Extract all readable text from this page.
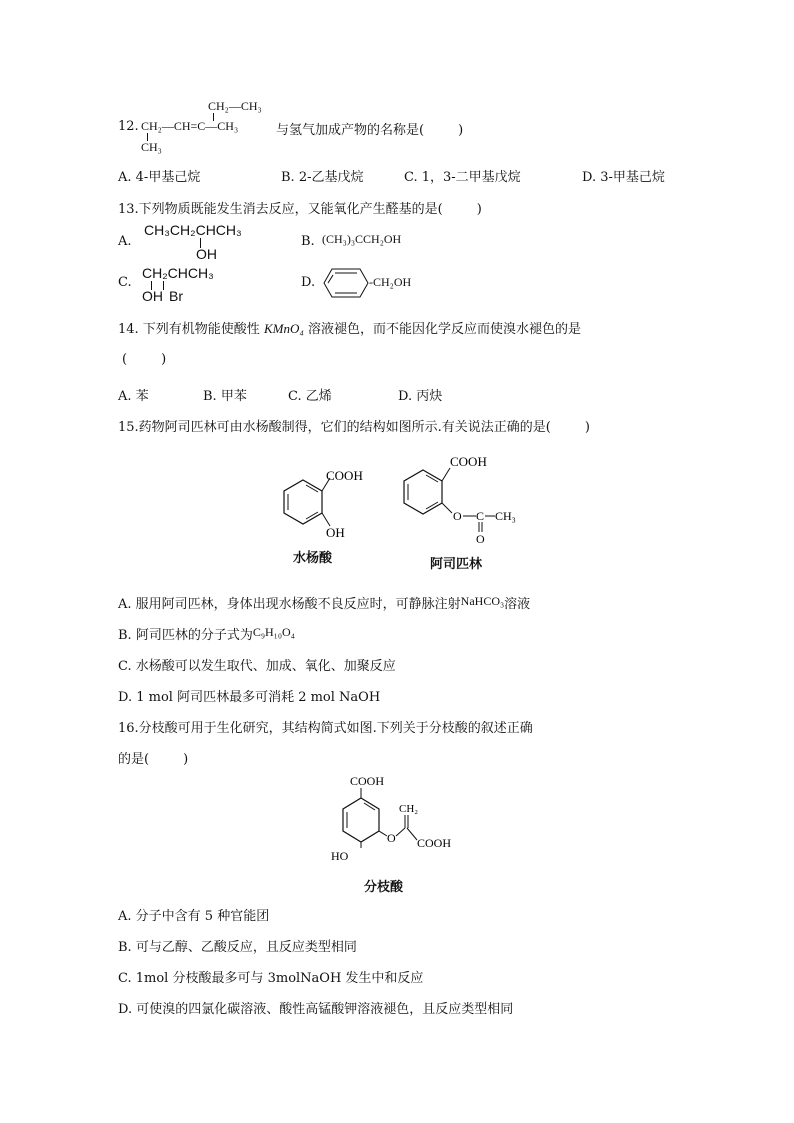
12.
CH₂—CH₃
CH₂—CH=C—CH₃
CH₃
与氢气加成产物的名称是(	)
A. 4-甲基己烷	B. 2-乙基戊烷	C. 1，3-二甲基戊烷	D. 3-甲基己烷
13.下列物质既能发生消去反应，又能氧化产生醛基的是(	)
A.
CH₃CH₂CHCH₃
OH
B. (CH₃)₃CCH₂OH
C.
CH₂CHCH₃
OH Br
D.	-CH₂OH
14. 下列有机物能使酸性 KMnO₄ 溶液褪色，而不能因化学反应而使溴水褪色的是
(	)
A. 苯	B. 甲苯	C. 乙烯	D. 丙炔
15.药物阿司匹林可由水杨酸制得，它们的结构如图所示.有关说法正确的是(	)
COOH
OH
水杨酸
COOH
O C CH₃
O
阿司匹林
A. 服用阿司匹林，身体出现水杨酸不良反应时，可静脉注射NaHCO₃溶液
B. 阿司匹林的分子式为C₉H₁₀O₄
C. 水杨酸可以发生取代、加成、氧化、加聚反应
D. 1 mol 阿司匹林最多可消耗 2 mol NaOH
16.分枝酸可用于生化研究，其结构简式如图.下列关于分枝酸的叙述正确
的是(	)
COOH
HO
O
CH₂
COOH
分枝酸
A. 分子中含有 5 种官能团
B. 可与乙醇、乙酸反应，且反应类型相同
C. 1mol 分枝酸最多可与 3molNaOH 发生中和反应
D. 可使溴的四氯化碳溶液、酸性高锰酸钾溶液褪色，且反应类型相同
